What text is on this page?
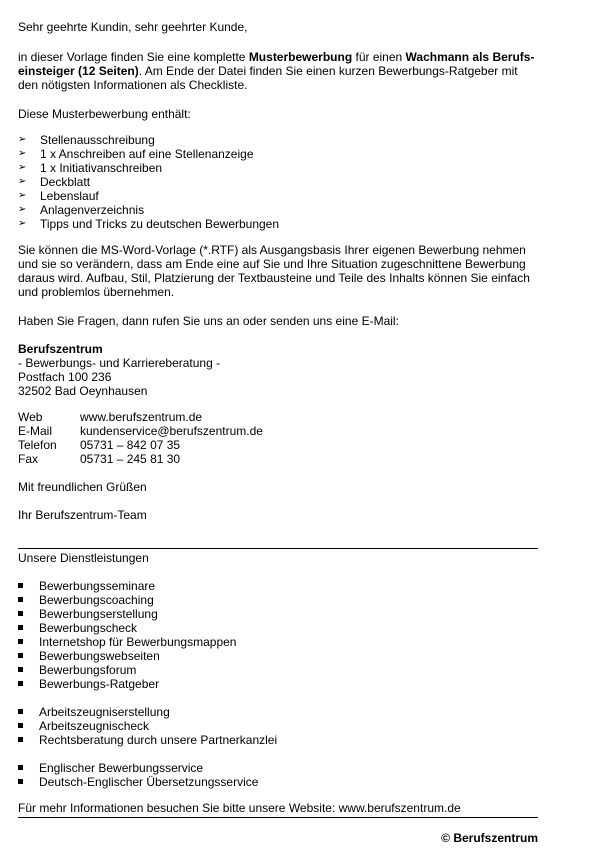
Sehr geehrte Kundin, sehr geehrter Kunde,
in dieser Vorlage finden Sie eine komplette Musterbewerbung für einen Wachmann als Berufs-einsteiger (12 Seiten). Am Ende der Datei finden Sie einen kurzen Bewerbungs-Ratgeber mit den nötigsten Informationen als Checkliste.
Diese Musterbewerbung enthält:
➢ Stellenausschreibung
➢ 1 x Anschreiben auf eine Stellenanzeige
➢ 1 x Initiativanschreiben
➢ Deckblatt
➢ Lebenslauf
➢ Anlagenverzeichnis
➢ Tipps und Tricks zu deutschen Bewerbungen
Sie können die MS-Word-Vorlage (*.RTF) als Ausgangsbasis Ihrer eigenen Bewerbung nehmen und sie so verändern, dass am Ende eine auf Sie und Ihre Situation zugeschnittene Bewerbung daraus wird. Aufbau, Stil, Platzierung der Textbausteine und Teile des Inhalts können Sie einfach und problemlos übernehmen.
Haben Sie Fragen, dann rufen Sie uns an oder senden uns eine E-Mail:
Berufszentrum
- Bewerbungs- und Karriereberatung -
Postfach 100 236
32502 Bad Oeynhausen
Web	www.berufszentrum.de
E-Mail kundenservice@berufszentrum.de
Telefon 05731 – 842 07 35
Fax	05731 – 245 81 30
Mit freundlichen Grüßen
Ihr Berufszentrum-Team
Unsere Dienstleistungen
Bewerbungsseminare
Bewerbungscoaching
Bewerbungserstellung
Bewerbungscheck
Internetshop für Bewerbungsmappen
Bewerbungswebseiten
Bewerbungsforum
Bewerbungs-Ratgeber
Arbeitszeugniserstellung
Arbeitszeugnischeck
Rechtsberatung durch unsere Partnerkanzlei
Englischer Bewerbungsservice
Deutsch-Englischer Übersetzungsservice
Für mehr Informationen besuchen Sie bitte unsere Website: www.berufszentrum.de
© Berufszentrum
